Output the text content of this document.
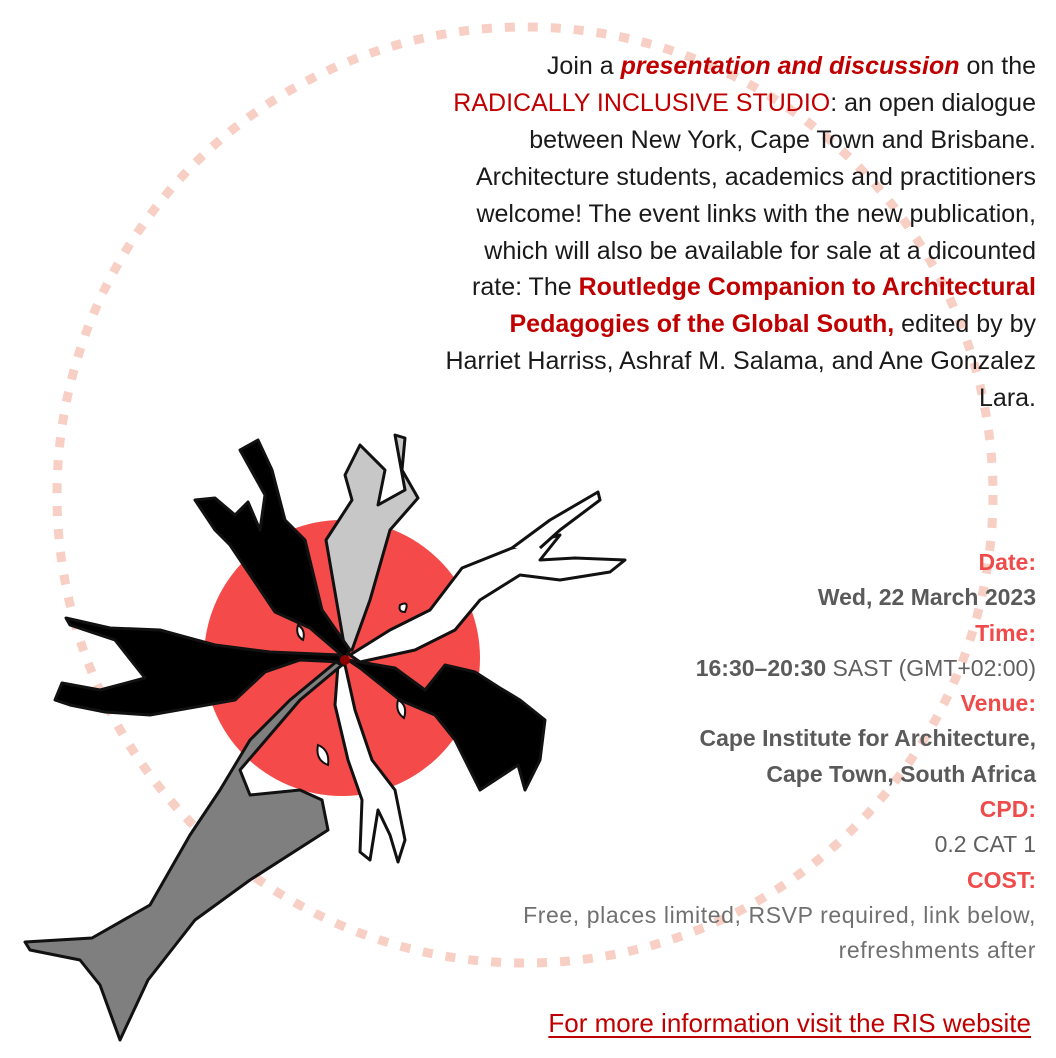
Join a presentation and discussion on the RADICALLY INCLUSIVE STUDIO: an open dialogue between New York, Cape Town and Brisbane. Architecture students, academics and practitioners welcome! The event links with the new publication, which will also be available for sale at a dicounted rate: The Routledge Companion to Architectural Pedagogies of the Global South, edited by by Harriet Harriss, Ashraf M. Salama, and Ane Gonzalez Lara.
Date:
Wed, 22 March 2023
Time:
16:30–20:30 SAST (GMT+02:00)
Venue:
Cape Institute for Architecture,
Cape Town, South Africa
CPD:
0.2 CAT 1
COST:
Free, places limited, RSVP required, link below,
refreshments after
For more information visit the RIS website
